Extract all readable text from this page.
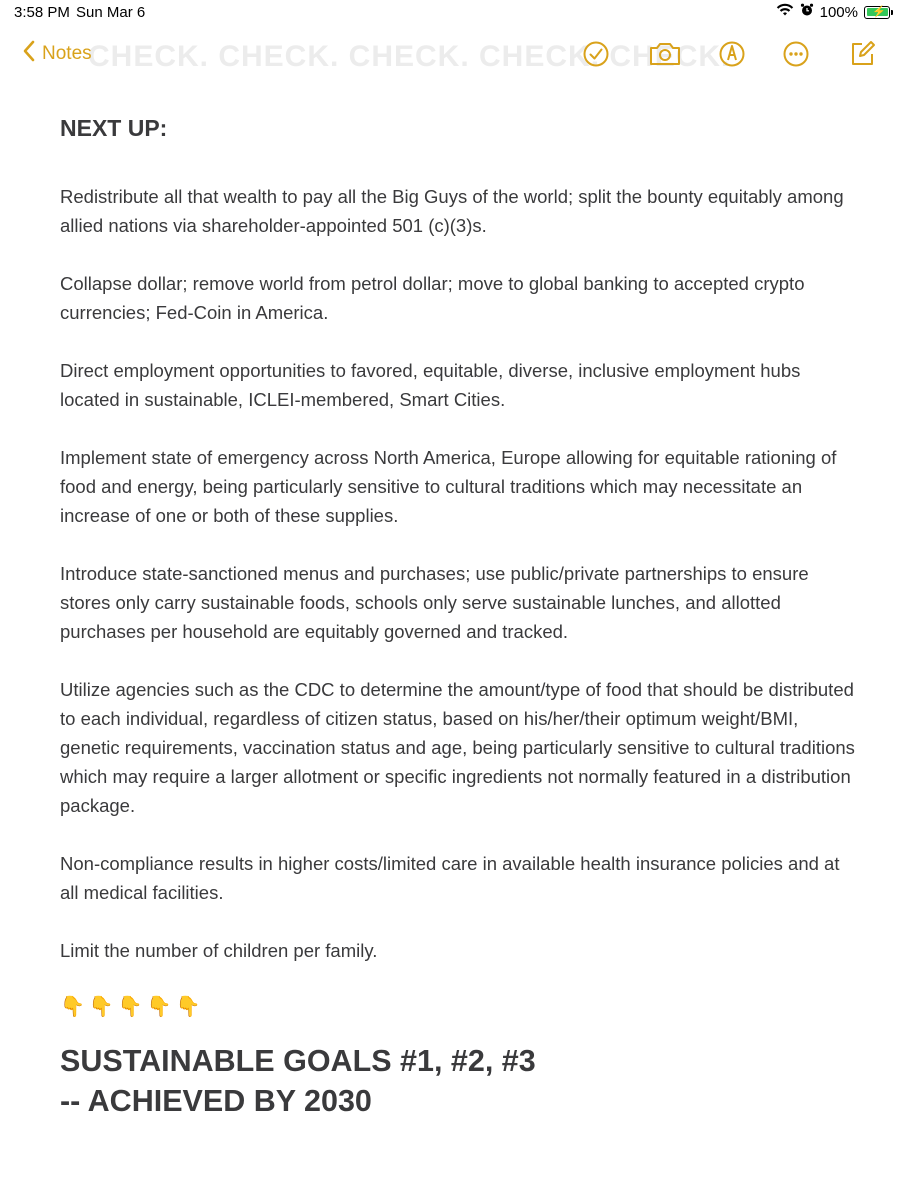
3:58 PM Sun Mar 6	100% ⚡
CHECK. CHECK. CHECK. CHECK. CHECK.
Notes
NEXT UP:

Redistribute all that wealth to pay all the Big Guys of the world; split the bounty equitably among allied nations via shareholder-appointed 501 (c)(3)s.

Collapse dollar; remove world from petrol dollar; move to global banking to accepted crypto currencies; Fed-Coin in America.

Direct employment opportunities to favored, equitable, diverse, inclusive employment hubs located in sustainable, ICLEI-membered, Smart Cities.

Implement state of emergency across North America, Europe allowing for equitable rationing of food and energy, being particularly sensitive to cultural traditions which may necessitate an increase of one or both of these supplies.

Introduce state-sanctioned menus and purchases; use public/private partnerships to ensure stores only carry sustainable foods, schools only serve sustainable lunches, and allotted purchases per household are equitably governed and tracked.

Utilize agencies such as the CDC to determine the amount/type of food that should be distributed to each individual, regardless of citizen status, based on his/her/their optimum weight/BMI, genetic requirements, vaccination status and age, being particularly sensitive to cultural traditions which may require a larger allotment or specific ingredients not normally featured in a distribution package.

Non-compliance results in higher costs/limited care in available health insurance policies and at all medical facilities.

Limit the number of children per family.

👇👇👇👇👇
SUSTAINABLE GOALS #1, #2, #3
-- ACHIEVED BY 2030
